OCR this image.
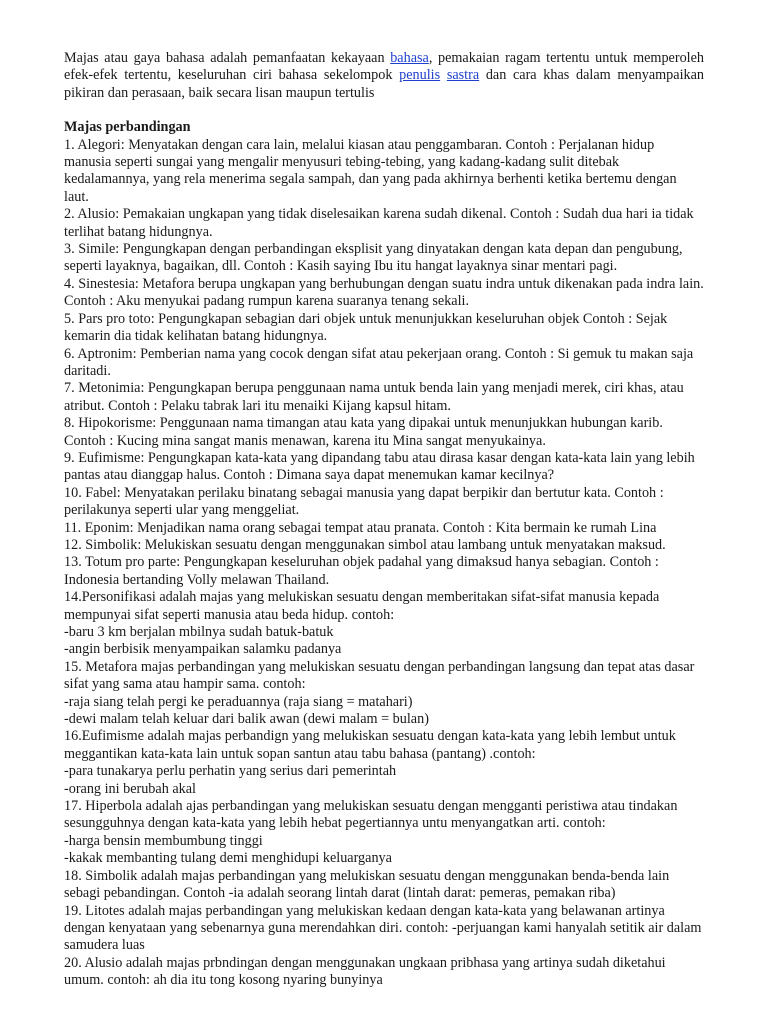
Majas atau gaya bahasa adalah pemanfaatan kekayaan bahasa, pemakaian ragam tertentu untuk memperoleh efek-efek tertentu, keseluruhan ciri bahasa sekelompok penulis sastra dan cara khas dalam menyampaikan pikiran dan perasaan, baik secara lisan maupun tertulis

Majas perbandingan

1. Alegori: Menyatakan dengan cara lain, melalui kiasan atau penggambaran. Contoh : Perjalanan hidup manusia seperti sungai yang mengalir menyusuri tebing-tebing, yang kadang-kadang sulit ditebak kedalamannya, yang rela menerima segala sampah, dan yang pada akhirnya berhenti ketika bertemu dengan laut.

2. Alusio: Pemakaian ungkapan yang tidak diselesaikan karena sudah dikenal. Contoh : Sudah dua hari ia tidak terlihat batang hidungnya.

3. Simile: Pengungkapan dengan perbandingan eksplisit yang dinyatakan dengan kata depan dan pengubung, seperti layaknya, bagaikan, dll. Contoh : Kasih saying Ibu itu hangat layaknya sinar mentari pagi.

4. Sinestesia: Metafora berupa ungkapan yang berhubungan dengan suatu indra untuk dikenakan pada indra lain. Contoh : Aku menyukai padang rumpun karena suaranya tenang sekali.

5. Pars pro toto: Pengungkapan sebagian dari objek untuk menunjukkan keseluruhan objek Contoh : Sejak kemarin dia tidak kelihatan batang hidungnya.

6. Aptronim: Pemberian nama yang cocok dengan sifat atau pekerjaan orang. Contoh : Si gemuk tu makan saja daritadi.

7. Metonimia: Pengungkapan berupa penggunaan nama untuk benda lain yang menjadi merek, ciri khas, atau atribut. Contoh : Pelaku tabrak lari itu menaiki Kijang kapsul hitam.

8. Hipokorisme: Penggunaan nama timangan atau kata yang dipakai untuk menunjukkan hubungan karib. Contoh : Kucing mina sangat manis menawan, karena itu Mina sangat menyukainya.

9. Eufimisme: Pengungkapan kata-kata yang dipandang tabu atau dirasa kasar dengan kata-kata lain yang lebih pantas atau dianggap halus. Contoh : Dimana saya dapat menemukan kamar kecilnya?

10. Fabel: Menyatakan perilaku binatang sebagai manusia yang dapat berpikir dan bertutur kata. Contoh : perilakunya seperti ular yang menggeliat.

11. Eponim: Menjadikan nama orang sebagai tempat atau pranata. Contoh : Kita bermain ke rumah Lina

12. Simbolik: Melukiskan sesuatu dengan menggunakan simbol atau lambang untuk menyatakan maksud.

13. Totum pro parte: Pengungkapan keseluruhan objek padahal yang dimaksud hanya sebagian. Contoh : Indonesia bertanding Volly melawan Thailand.

14.Personifikasi adalah majas yang melukiskan sesuatu dengan memberitakan sifat-sifat manusia kepada mempunyai sifat seperti manusia atau beda hidup. contoh:

-baru 3 km berjalan mbilnya sudah batuk-batuk

-angin berbisik menyampaikan salamku padanya

15. Metafora majas perbandingan yang melukiskan sesuatu dengan perbandingan langsung dan tepat atas dasar sifat yang sama atau hampir sama. contoh:

-raja siang telah pergi ke peraduannya (raja siang = matahari)

-dewi malam telah keluar dari balik awan (dewi malam = bulan)

16.Eufimisme adalah majas perbandign yang melukiskan sesuatu dengan kata-kata yang lebih lembut untuk meggantikan kata-kata lain untuk sopan santun atau tabu bahasa (pantang) .contoh:

-para tunakarya perlu perhatin yang serius dari pemerintah

-orang ini berubah akal

17. Hiperbola adalah ajas perbandingan yang melukiskan sesuatu dengan mengganti peristiwa atau tindakan sesungguhnya dengan kata-kata yang lebih hebat pegertiannya untu menyangatkan arti. contoh:

-harga bensin membumbung tinggi

-kakak membanting tulang demi menghidupi keluarganya

18. Simbolik adalah majas perbandingan yang melukiskan sesuatu dengan menggunakan benda-benda lain sebagi pebandingan. Contoh -ia adalah seorang lintah darat (lintah darat: pemeras, pemakan riba)

19. Litotes adalah majas perbandingan yang melukiskan kedaan dengan kata-kata yang belawanan artinya dengan kenyataan yang sebenarnya guna merendahkan diri. contoh: -perjuangan kami hanyalah setitik air dalam samudera luas

20. Alusio adalah majas prbndingan dengan menggunakan ungkaan pribhasa yang artinya sudah diketahui umum. contoh: ah dia itu tong kosong nyaring bunyinya
